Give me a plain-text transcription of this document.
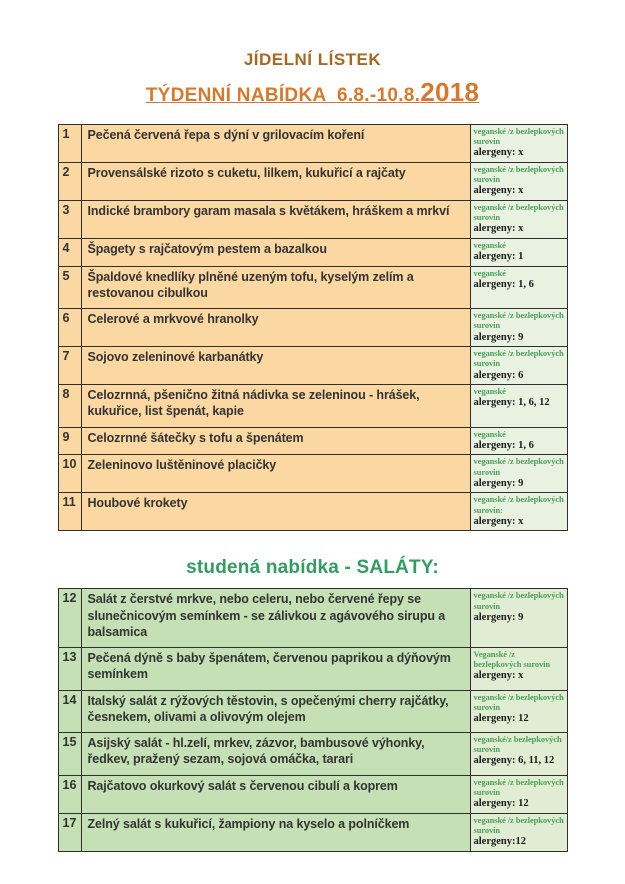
JÍDELNÍ LÍSTEK
TÝDENNÍ NABÍDKA  6.8.-10.8.2018
1	Pečená červená řepa s dýní v grilovacím koření	veganské /z bezlepkových surovin
alergeny: x

2	Provensálské rizoto s cuketu, lilkem, kukuřicí a rajčaty	veganské /z bezlepkových surovin
alergeny: x

3	Indické brambory garam masala s květákem, hráškem a mrkví	veganské /z bezlepkových surovin
alergeny: x

4	Špagety s rajčatovým pestem a bazalkou	veganské
alergeny: 1

5	Špaldové knedlíky plněné uzeným tofu, kyselým zelím a restovanou cibulkou	veganské
alergeny: 1, 6

6	Celerové a mrkvové hranolky	veganské /z bezlepkových surovin
alergeny: 9

7	Sojovo zeleninové karbanátky	veganské /z bezlepkových surovin
alergeny: 6

8	Celozrnná, pšenično žitná nádivka se zeleninou - hrášek, kukuřice, list špenát, kapie	veganské
alergeny: 1, 6, 12

9	Celozrnné šátečky s tofu a špenátem	veganské
alergeny: 1, 6

10	Zeleninovo luštěninové placičky	veganské /z bezlepkových surovin
alergeny: 9

11	Houbové krokety	veganské /z bezlepkových surovin:
alergeny: x
studená nabídka - SALÁTY:
12	Salát z čerstvé mrkve, nebo celeru, nebo červené řepy se slunečnicovým semínkem - se zálivkou z agávového sirupu a balsamica	veganské /z bezlepkových surovin
alergeny: 9

13	Pečená dýně s baby špenátem, červenou paprikou a dýňovým semínkem	Veganské /z bezlepkových surovin
alergeny: x

14	Italský salát z rýžových těstovin, s opečenými cherry rajčátky, česnekem, olivami a olivovým olejem	veganské /z bezlepkových surovin
alergeny: 12

15	Asijský salát - hl.zelí, mrkev, zázvor, bambusové výhonky, ředkev, pražený sezam, sojová omáčka, tarari	veganské/z bezlepkových surovin
alergeny: 6, 11, 12

16	Rajčatovo okurkový salát s červenou cibulí a koprem	veganské /z bezlepkových surovin
alergeny: 12

17	Zelný salát s kukuřicí, žampiony na kyselo a polníčkem	veganské /z bezlepkových surovin
alergeny:12
